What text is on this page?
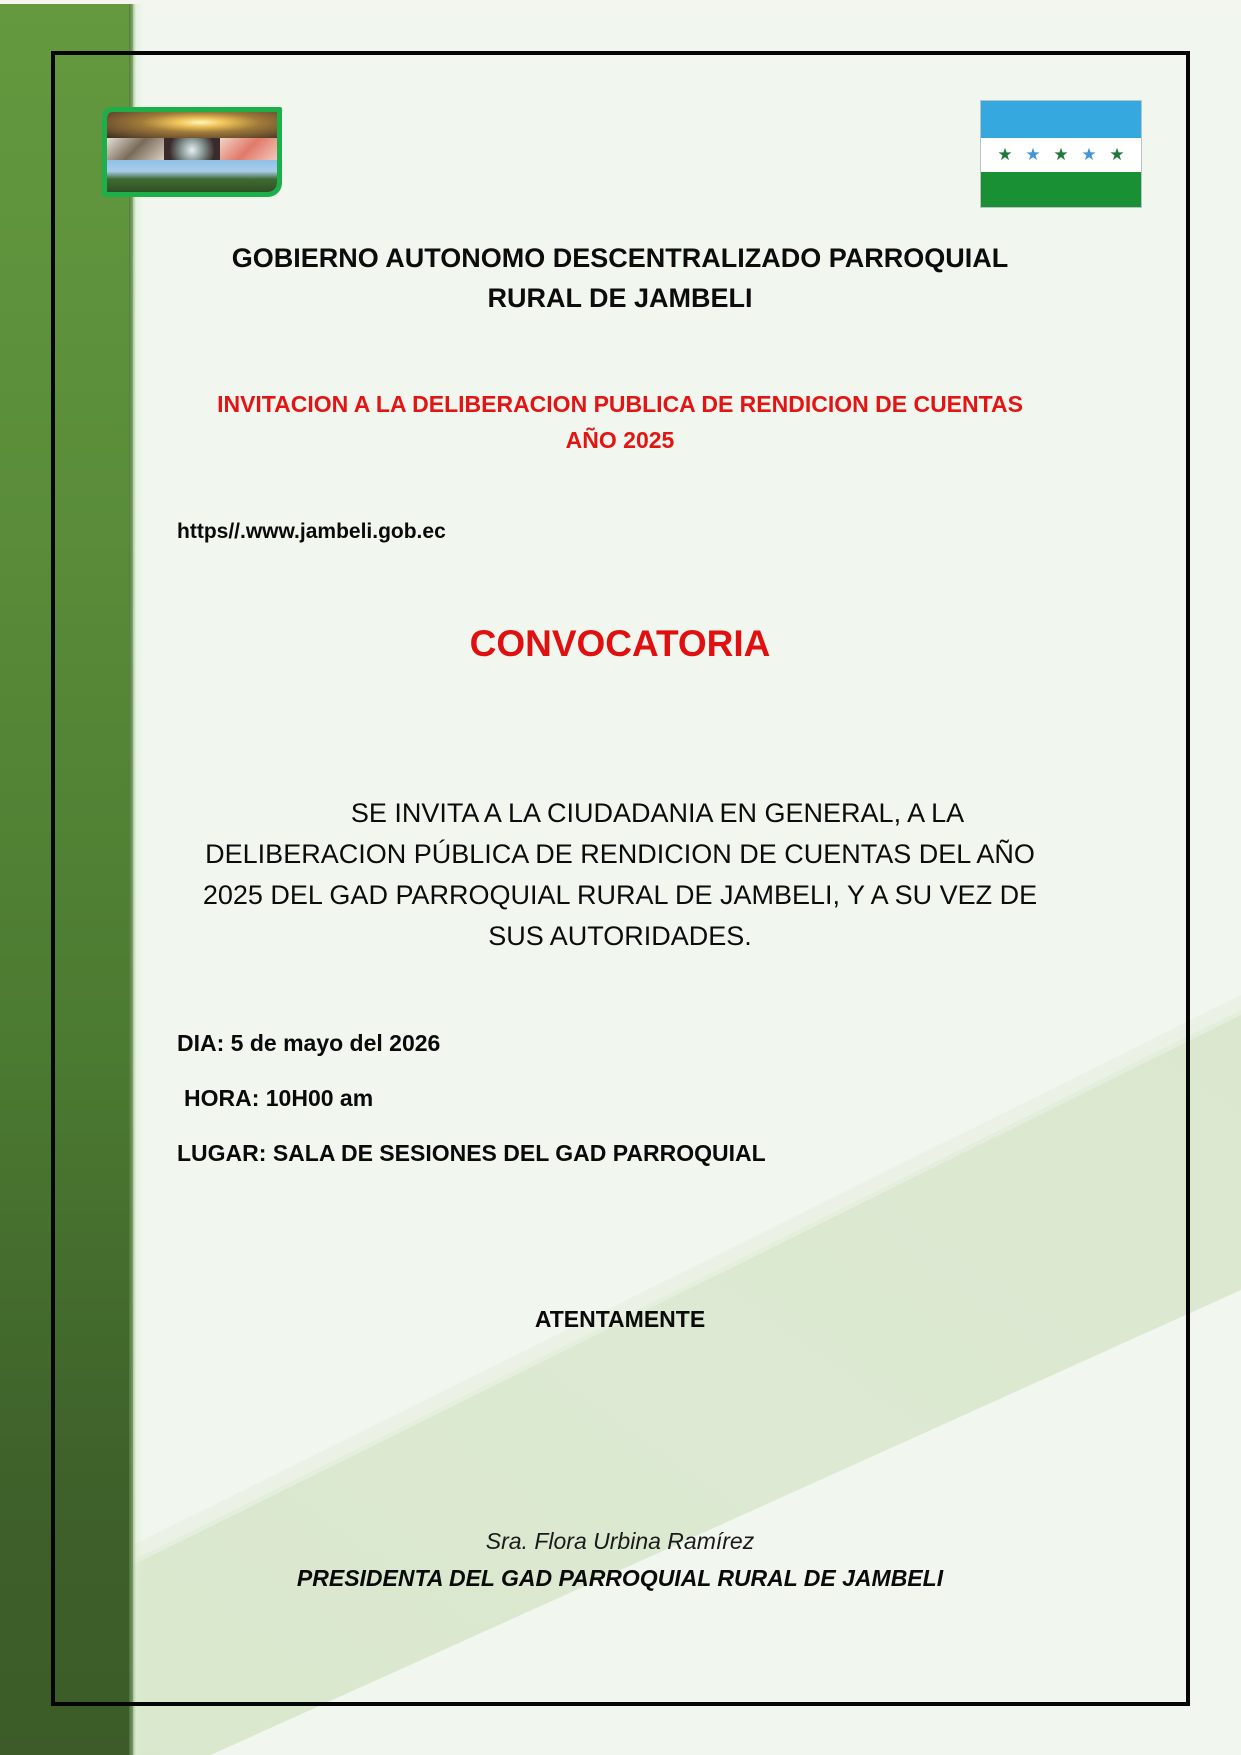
★ ★ ★ ★ ★
GOBIERNO AUTONOMO DESCENTRALIZADO PARROQUIAL
RURAL DE JAMBELI
INVITACION A LA DELIBERACION PUBLICA DE RENDICION DE CUENTAS
AÑO 2025
https//.www.jambeli.gob.ec
CONVOCATORIA
SE INVITA A LA CIUDADANIA EN GENERAL, A LA
DELIBERACION PÚBLICA DE RENDICION DE CUENTAS DEL AÑO
2025 DEL GAD PARROQUIAL RURAL DE JAMBELI, Y A SU VEZ DE
SUS AUTORIDADES.
DIA: 5 de mayo del 2026
HORA: 10H00 am
LUGAR: SALA DE SESIONES DEL GAD PARROQUIAL
ATENTAMENTE
Sra. Flora Urbina Ramírez
PRESIDENTA DEL GAD PARROQUIAL RURAL DE JAMBELI
